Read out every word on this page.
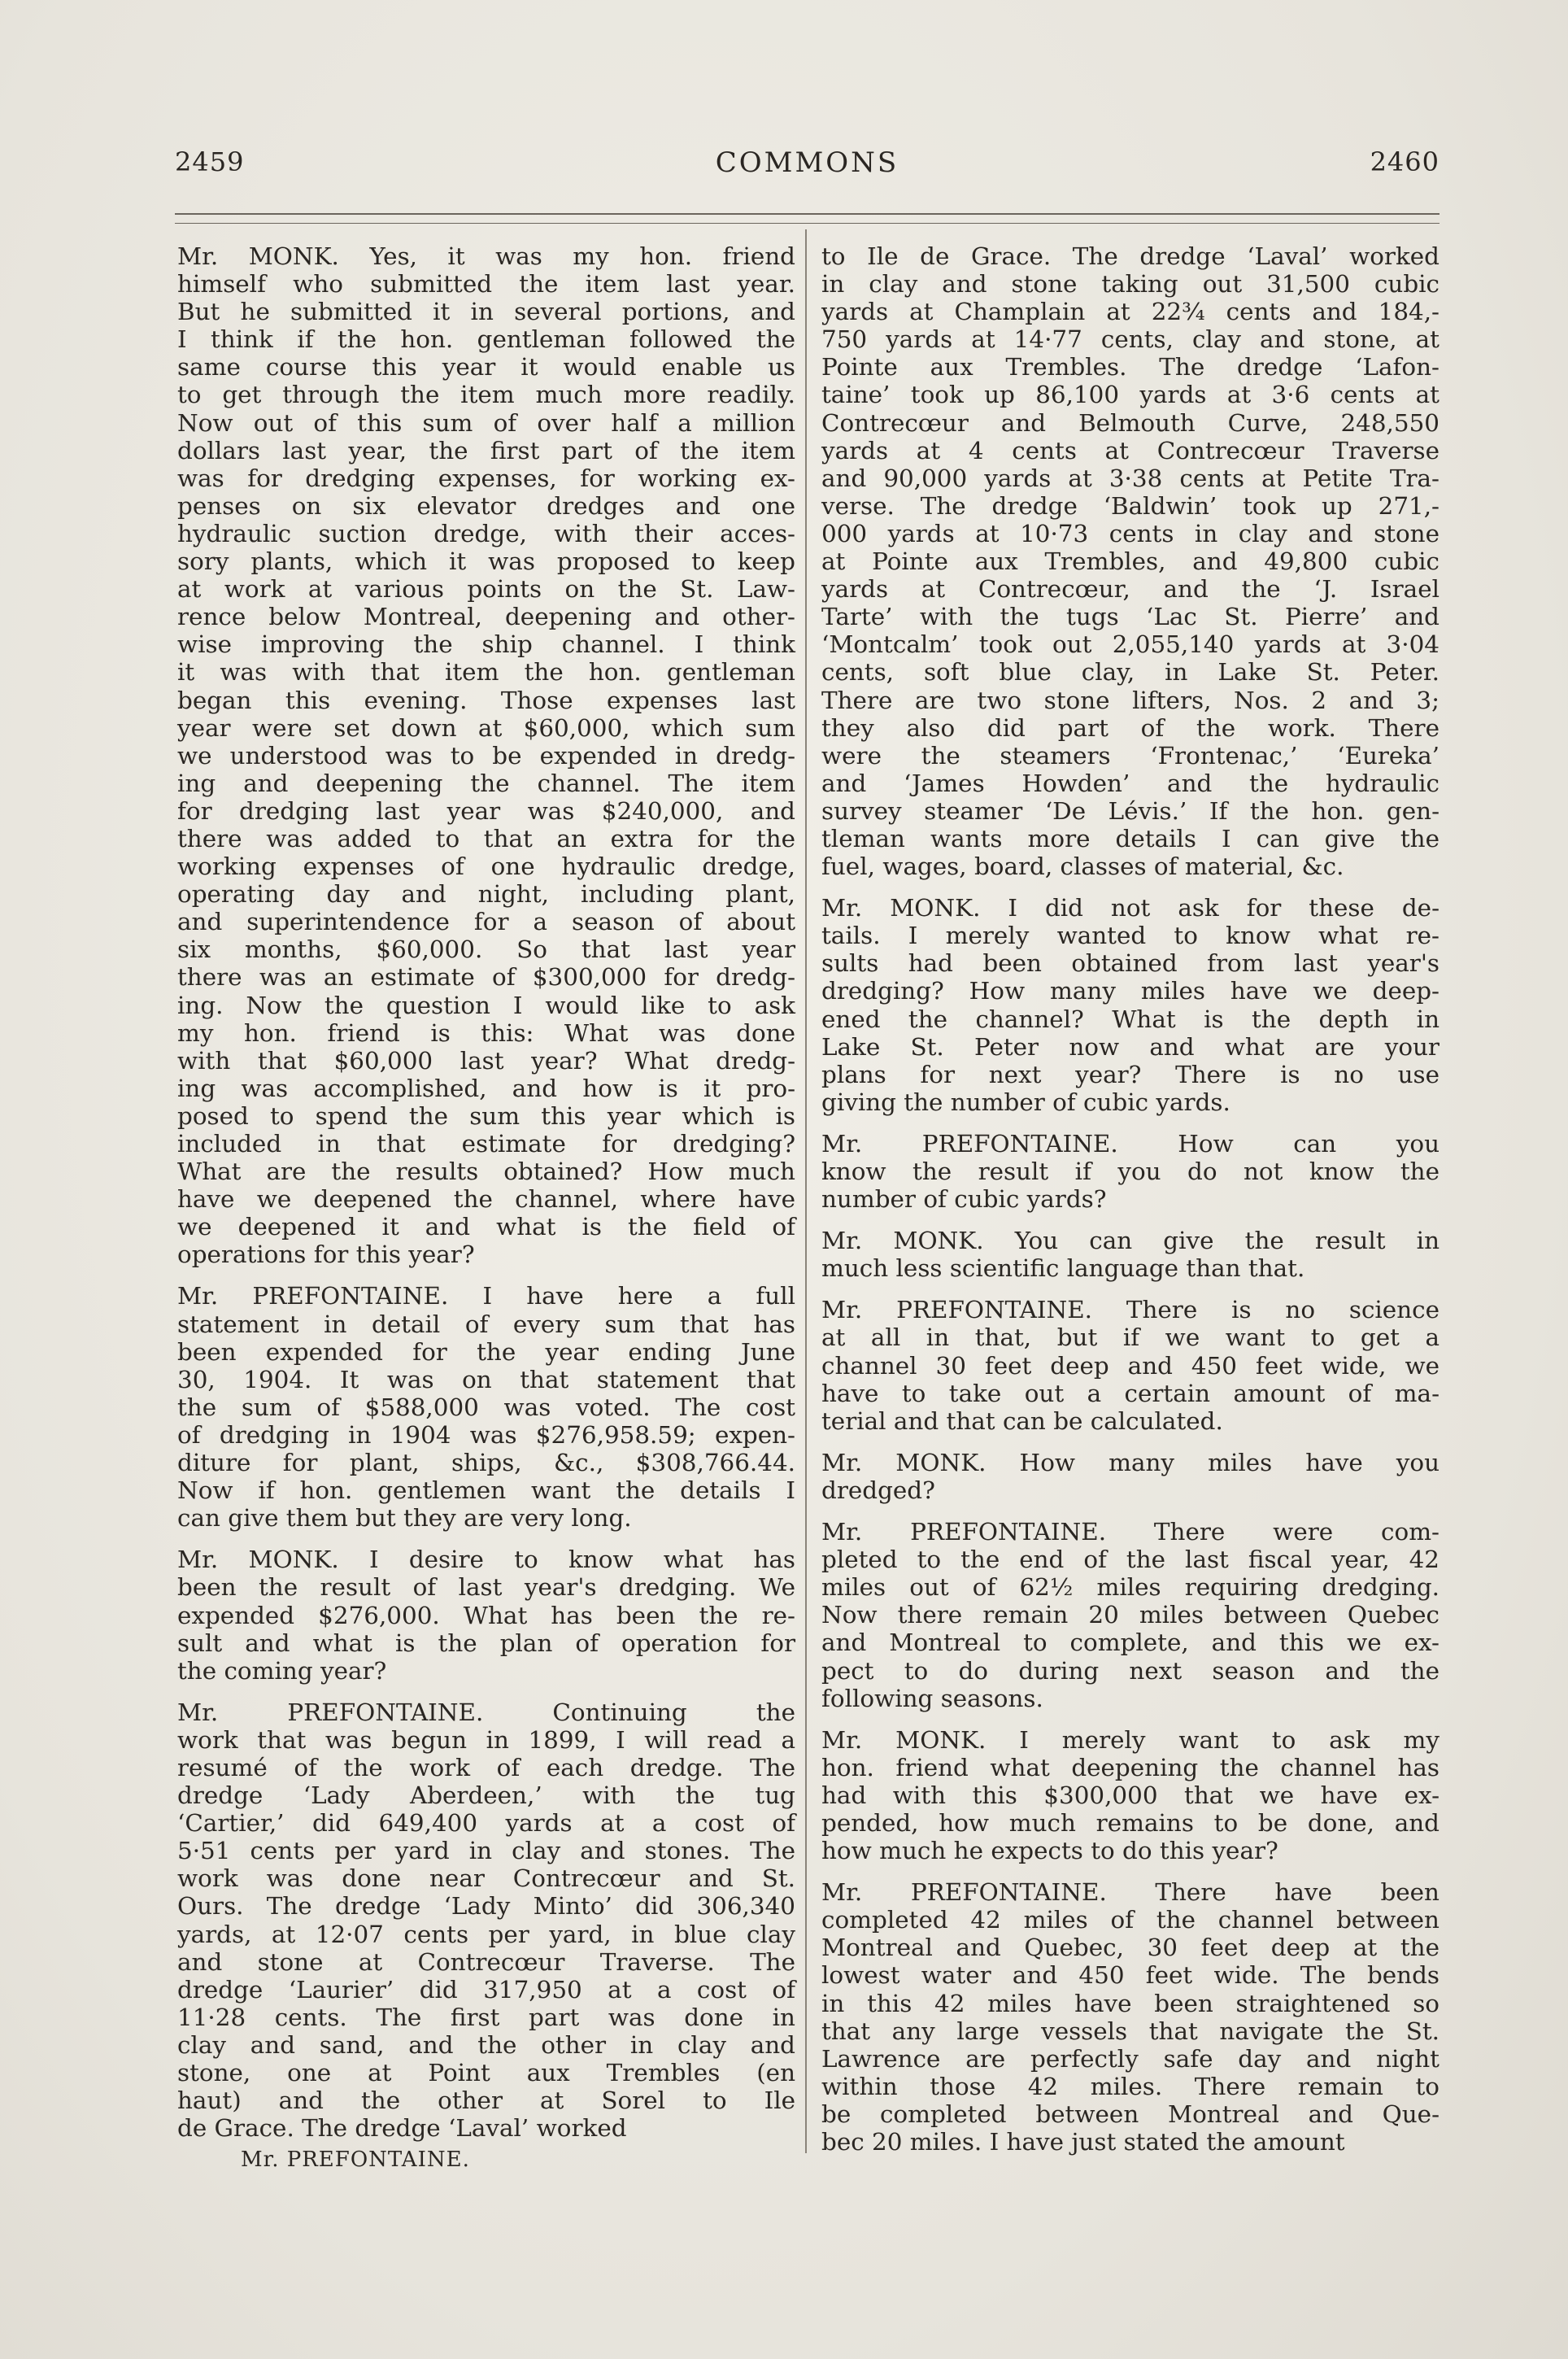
2459	COMMONS	2460
Mr. MONK. Yes, it was my hon. friend
himself who submitted the item last year.
But he submitted it in several portions, and
I think if the hon. gentleman followed the
same course this year it would enable us
to get through the item much more readily.
Now out of this sum of over half a million
dollars last year, the first part of the item
was for dredging expenses, for working ex-
penses on six elevator dredges and one
hydraulic suction dredge, with their acces-
sory plants, which it was proposed to keep
at work at various points on the St. Law-
rence below Montreal, deepening and other-
wise improving the ship channel. I think
it was with that item the hon. gentleman
began this evening. Those expenses last
year were set down at $60,000, which sum
we understood was to be expended in dredg-
ing and deepening the channel. The item
for dredging last year was $240,000, and
there was added to that an extra for the
working expenses of one hydraulic dredge,
operating day and night, including plant,
and superintendence for a season of about
six months, $60,000. So that last year
there was an estimate of $300,000 for dredg-
ing. Now the question I would like to ask
my hon. friend is this: What was done
with that $60,000 last year? What dredg-
ing was accomplished, and how is it pro-
posed to spend the sum this year which is
included in that estimate for dredging?
What are the results obtained? How much
have we deepened the channel, where have
we deepened it and what is the field of
operations for this year?
Mr. PREFONTAINE. I have here a full
statement in detail of every sum that has
been expended for the year ending June
30, 1904. It was on that statement that
the sum of $588,000 was voted. The cost
of dredging in 1904 was $276,958.59; expen-
diture for plant, ships, &c., $308,766.44.
Now if hon. gentlemen want the details I
can give them but they are very long.
Mr. MONK. I desire to know what has
been the result of last year's dredging. We
expended $276,000. What has been the re-
sult and what is the plan of operation for
the coming year?
Mr. PREFONTAINE. Continuing the
work that was begun in 1899, I will read a
resumé of the work of each dredge. The
dredge ‘Lady Aberdeen,’ with the tug
‘Cartier,’ did 649,400 yards at a cost of
5·51 cents per yard in clay and stones. The
work was done near Contrecœur and St.
Ours. The dredge ‘Lady Minto’ did 306,340
yards, at 12·07 cents per yard, in blue clay
and stone at Contrecœur Traverse. The
dredge ‘Laurier’ did 317,950 at a cost of
11·28 cents. The first part was done in
clay and sand, and the other in clay and
stone, one at Point aux Trembles (en
haut) and the other at Sorel to Ile
de Grace. The dredge ‘Laval’ worked
to Ile de Grace. The dredge ‘Laval’ worked
in clay and stone taking out 31,500 cubic
yards at Champlain at 22¾ cents and 184,-
750 yards at 14·77 cents, clay and stone, at
Pointe aux Trembles. The dredge ‘Lafon-
taine’ took up 86,100 yards at 3·6 cents at
Contrecœur and Belmouth Curve, 248,550
yards at 4 cents at Contrecœur Traverse
and 90,000 yards at 3·38 cents at Petite Tra-
verse. The dredge ‘Baldwin’ took up 271,-
000 yards at 10·73 cents in clay and stone
at Pointe aux Trembles, and 49,800 cubic
yards at Contrecœur, and the ‘J. Israel
Tarte’ with the tugs ‘Lac St. Pierre’ and
‘Montcalm’ took out 2,055,140 yards at 3·04
cents, soft blue clay, in Lake St. Peter.
There are two stone lifters, Nos. 2 and 3;
they also did part of the work. There
were the steamers ‘Frontenac,’ ‘Eureka’
and ‘James Howden’ and the hydraulic
survey steamer ‘De Lévis.’ If the hon. gen-
tleman wants more details I can give the
fuel, wages, board, classes of material, &c.
Mr. MONK. I did not ask for these de-
tails. I merely wanted to know what re-
sults had been obtained from last year's
dredging? How many miles have we deep-
ened the channel? What is the depth in
Lake St. Peter now and what are your
plans for next year? There is no use
giving the number of cubic yards.
Mr. PREFONTAINE. How can you
know the result if you do not know the
number of cubic yards?
Mr. MONK. You can give the result in
much less scientific language than that.
Mr. PREFONTAINE. There is no science
at all in that, but if we want to get a
channel 30 feet deep and 450 feet wide, we
have to take out a certain amount of ma-
terial and that can be calculated.
Mr. MONK. How many miles have you
dredged?
Mr. PREFONTAINE. There were com-
pleted to the end of the last fiscal year, 42
miles out of 62½ miles requiring dredging.
Now there remain 20 miles between Quebec
and Montreal to complete, and this we ex-
pect to do during next season and the
following seasons.
Mr. MONK. I merely want to ask my
hon. friend what deepening the channel has
had with this $300,000 that we have ex-
pended, how much remains to be done, and
how much he expects to do this year?
Mr. PREFONTAINE. There have been
completed 42 miles of the channel between
Montreal and Quebec, 30 feet deep at the
lowest water and 450 feet wide. The bends
in this 42 miles have been straightened so
that any large vessels that navigate the St.
Lawrence are perfectly safe day and night
within those 42 miles. There remain to
be completed between Montreal and Que-
bec 20 miles. I have just stated the amount
Mr. PREFONTAINE.
